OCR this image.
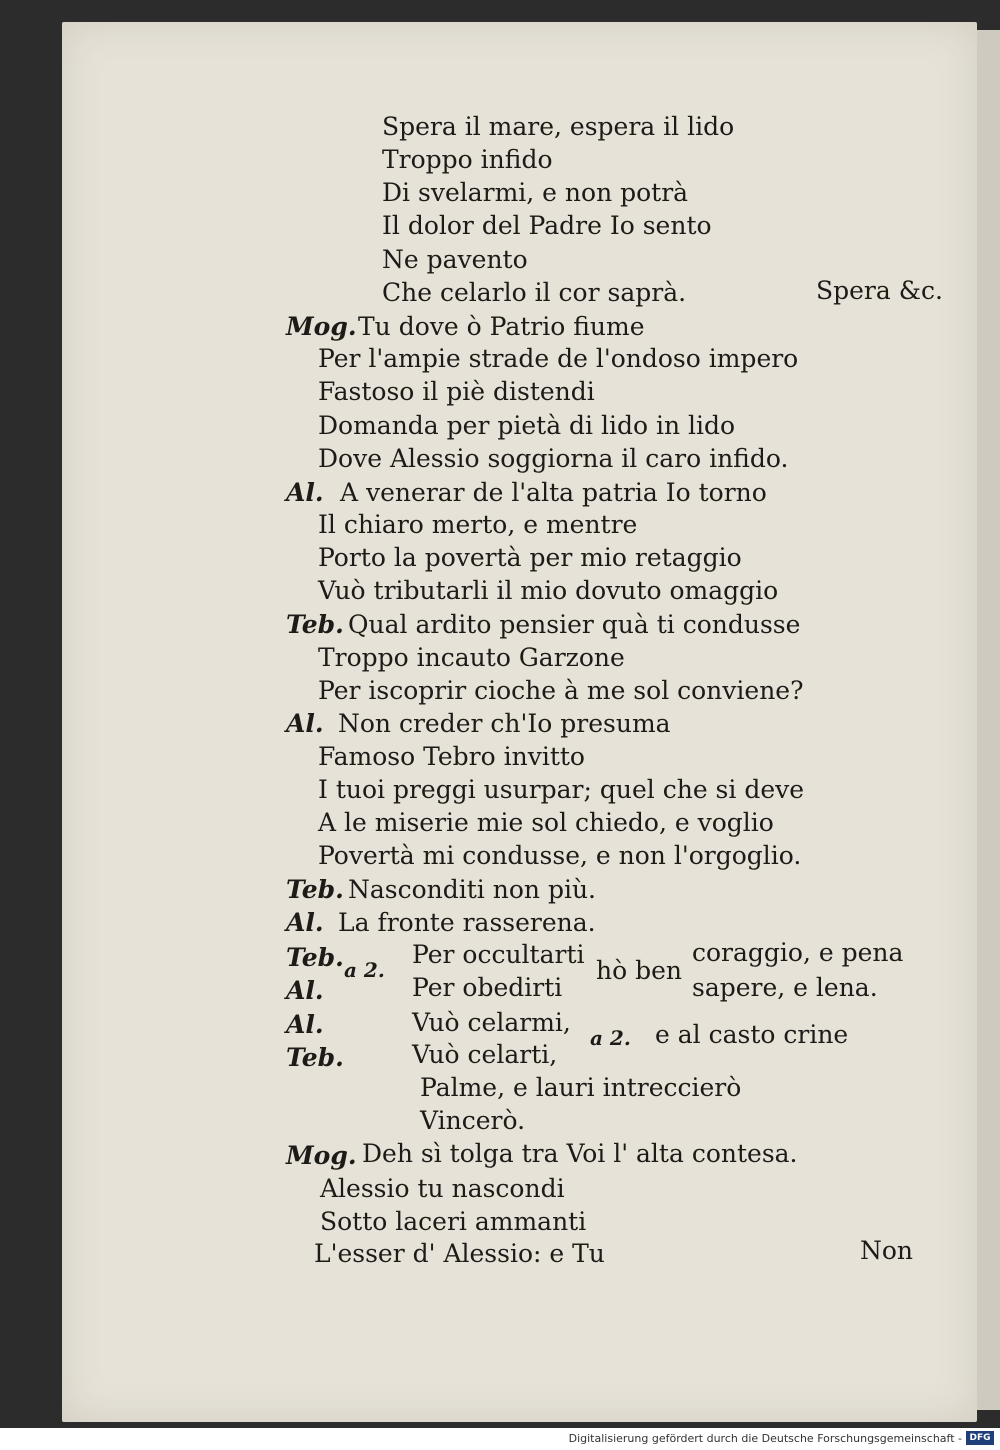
Spera il mare, espera il lido
Troppo infido
Di svelarmi, e non potrà
Il dolor del Padre Io sento
Ne pavento
Che celarlo il cor saprà.	Spera &c.
Mog. Tu dove ò Patrio fiume
Per l'ampie strade de l'ondoso impero
Fastoso il piè distendi
Domanda per pietà di lido in lido
Dove Alessio soggiorna il caro infido.
Al. A venerar de l'alta patria Io torno
Il chiaro merto, e mentre
Porto la povertà per mio retaggio
Vuò tributarli il mio dovuto omaggio
Teb. Qual ardito pensier quà ti condusse
Troppo incauto Garzone
Per iscoprir cioche à me sol conviene?
Al. Non creder ch'Io presuma
Famoso Tebro invitto
I tuoi preggi usurpar; quel che si deve
A le miserie mie sol chiedo, e voglio
Povertà mi condusse, e non l'orgoglio.
Teb. Nasconditi non più.
Al. La fronte rasserena.
Teb.
Al.
a 2.
Per occultarti
Per obedirti
hò ben
coraggio, e pena
sapere, e lena.
Al.
Teb.
Vuò celarmi,
Vuò celarti,
a 2. e al casto crine
Palme, e lauri intreccierò
Vincerò.
Mog. Deh sì tolga tra Voi l' alta contesa.
Alessio tu nascondi
Sotto laceri ammanti
L'esser d' Alessio: e Tu	Non
Digitalisierung gefördert durch die Deutsche Forschungsgemeinschaft - DFG
